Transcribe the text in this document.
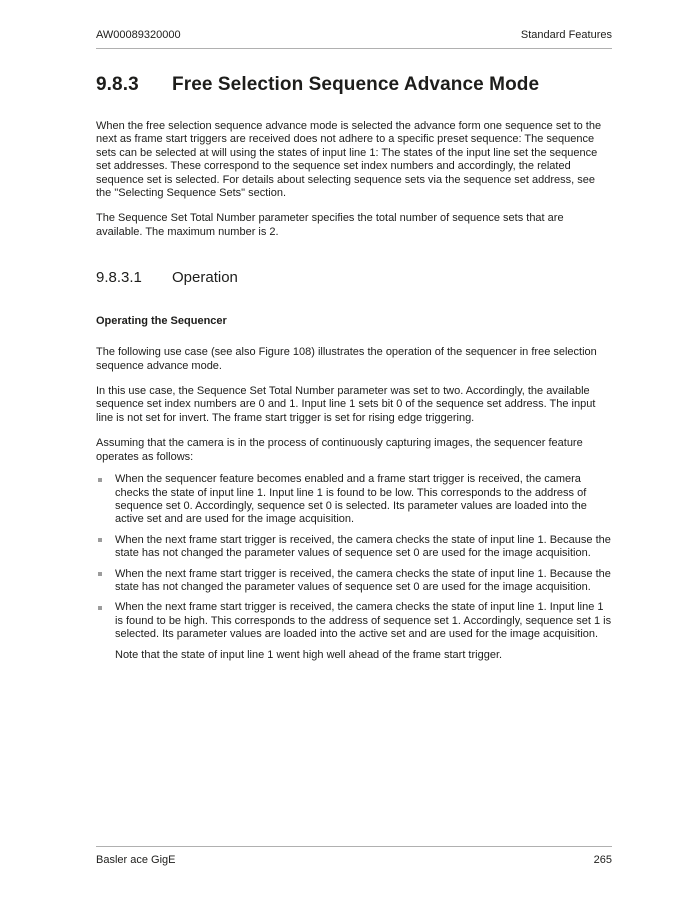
AW00089320000	Standard Features
9.8.3	Free Selection Sequence Advance Mode

When the free selection sequence advance mode is selected the advance form one sequence set to the next as frame start triggers are received does not adhere to a specific preset sequence: The sequence sets can be selected at will using the states of input line 1: The states of the input line set the sequence set addresses. These correspond to the sequence set index numbers and accordingly, the related sequence set is selected. For details about selecting sequence sets via the sequence set address, see the "Selecting Sequence Sets" section.

The Sequence Set Total Number parameter specifies the total number of sequence sets that are available. The maximum number is 2.

9.8.3.1	Operation
Operating the Sequencer

The following use case (see also Figure 108) illustrates the operation of the sequencer in free selection sequence advance mode.

In this use case, the Sequence Set Total Number parameter was set to two. Accordingly, the available sequence set index numbers are 0 and 1. Input line 1 sets bit 0 of the sequence set address. The input line is not set for invert. The frame start trigger is set for rising edge triggering.

Assuming that the camera is in the process of continuously capturing images, the sequencer feature operates as follows:

When the sequencer feature becomes enabled and a frame start trigger is received, the camera checks the state of input line 1. Input line 1 is found to be low. This corresponds to the address of sequence set 0. Accordingly, sequence set 0 is selected. Its parameter values are loaded into the active set and are used for the image acquisition.
When the next frame start trigger is received, the camera checks the state of input line 1. Because the state has not changed the parameter values of sequence set 0 are used for the image acquisition.
When the next frame start trigger is received, the camera checks the state of input line 1. Because the state has not changed the parameter values of sequence set 0 are used for the image acquisition.
When the next frame start trigger is received, the camera checks the state of input line 1. Input line 1 is found to be high. This corresponds to the address of sequence set 1. Accordingly, sequence set 1 is selected. Its parameter values are loaded into the active set and are used for the image acquisition.

Note that the state of input line 1 went high well ahead of the frame start trigger.

Basler ace GigE	265
